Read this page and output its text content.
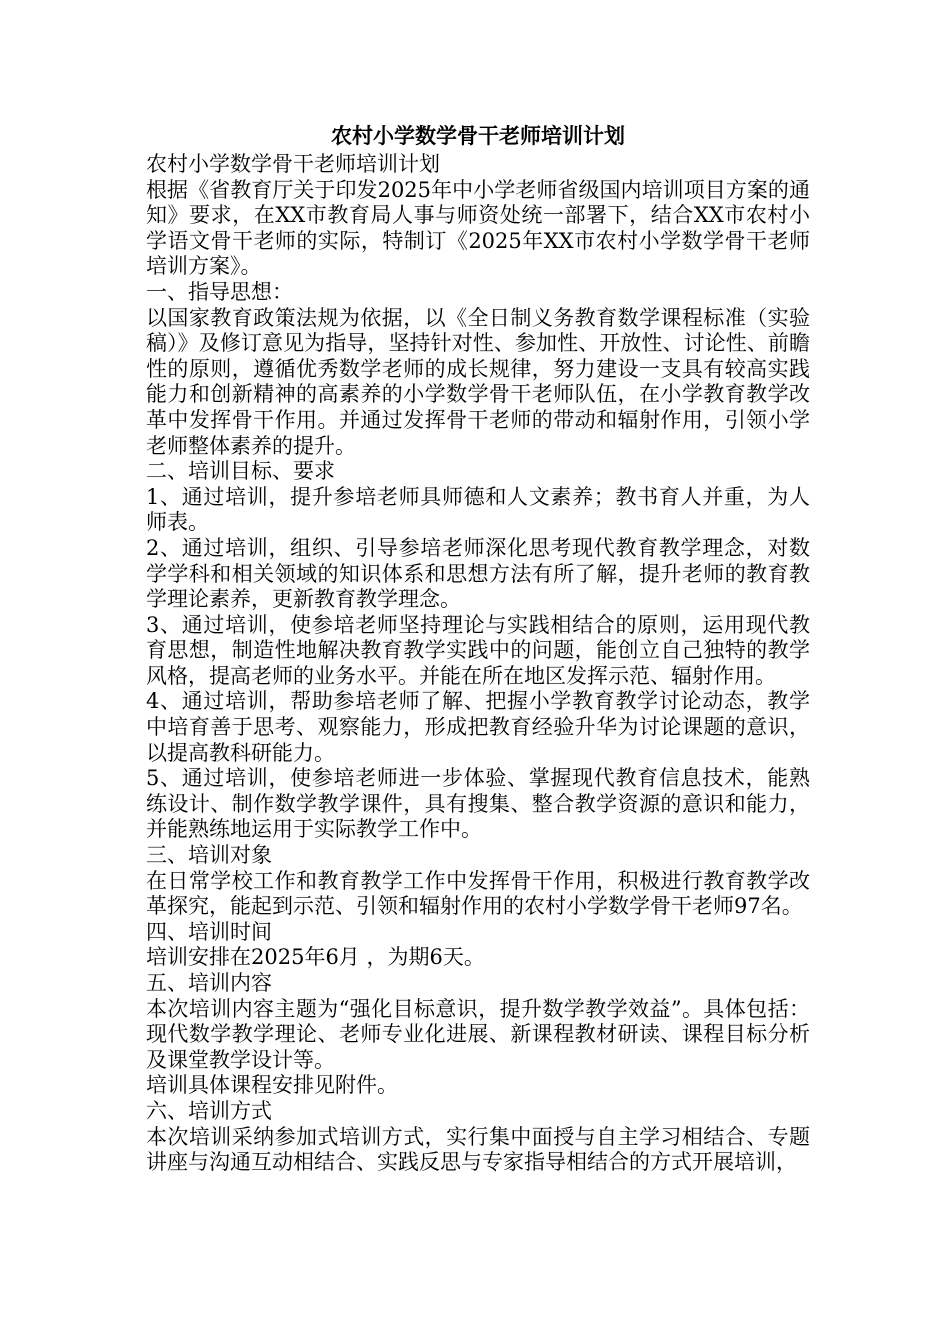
农村小学数学骨干老师培训计划

农村小学数学骨干老师培训计划

根据《省教育厅关于印发2025年中小学老师省级国内培训项目方案的通知》要求，在XX市教育局人事与师资处统一部署下，结合XX市农村小学语文骨干老师的实际，特制订《2025年XX市农村小学数学骨干老师培训方案》。

一、指导思想：

以国家教育政策法规为依据，以《全日制义务教育数学课程标准（实验稿）》及修订意见为指导，坚持针对性、参加性、开放性、讨论性、前瞻性的原则，遵循优秀数学老师的成长规律，努力建设一支具有较高实践能力和创新精神的高素养的小学数学骨干老师队伍，在小学教育教学改革中发挥骨干作用。并通过发挥骨干老师的带动和辐射作用，引领小学老师整体素养的提升。

二、培训目标、要求

1、通过培训，提升参培老师具师德和人文素养；教书育人并重，为人师表。

2、通过培训，组织、引导参培老师深化思考现代教育教学理念，对数学学科和相关领域的知识体系和思想方法有所了解，提升老师的教育教学理论素养，更新教育教学理念。

3、通过培训，使参培老师坚持理论与实践相结合的原则，运用现代教育思想，制造性地解决教育教学实践中的问题，能创立自己独特的教学风格，提高老师的业务水平。并能在所在地区发挥示范、辐射作用。

4、通过培训，帮助参培老师了解、把握小学教育教学讨论动态，教学中培育善于思考、观察能力，形成把教育经验升华为讨论课题的意识，以提高教科研能力。

5、通过培训，使参培老师进一步体验、掌握现代教育信息技术，能熟练设计、制作数学教学课件，具有搜集、整合教学资源的意识和能力，并能熟练地运用于实际教学工作中。

三、培训对象

在日常学校工作和教育教学工作中发挥骨干作用，积极进行教育教学改革探究，能起到示范、引领和辐射作用的农村小学数学骨干老师97名。

四、培训时间

培训安排在2025年6月 ，为期6天。

五、培训内容

本次培训内容主题为“强化目标意识，提升数学教学效益”。具体包括：现代数学教学理论、老师专业化进展、新课程教材研读、课程目标分析及课堂教学设计等。

培训具体课程安排见附件。

六、培训方式

本次培训采纳参加式培训方式，实行集中面授与自主学习相结合、专题讲座与沟通互动相结合、实践反思与专家指导相结合的方式开展培训，
